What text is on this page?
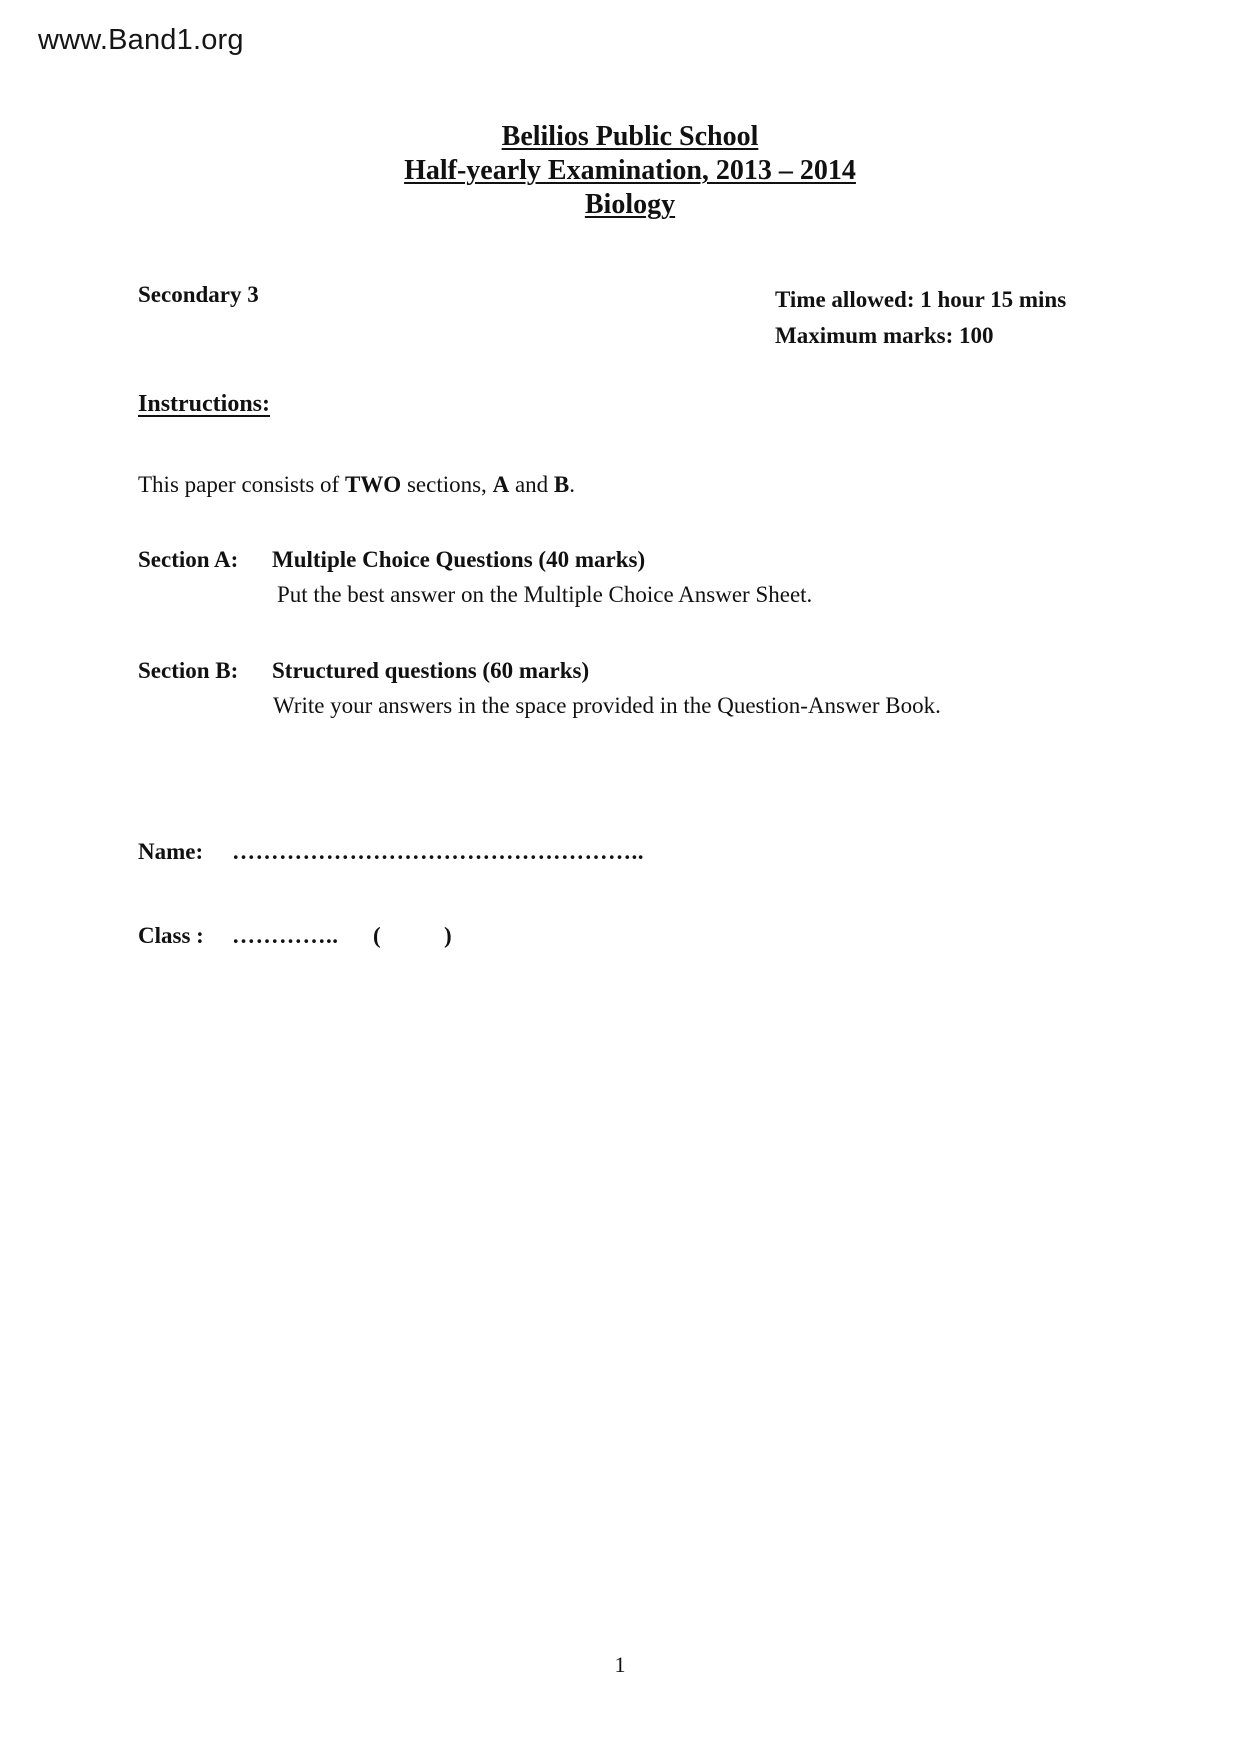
www.Band1.org
Belilios Public School
Half-yearly Examination, 2013 – 2014
Biology
Secondary 3	Time allowed: 1 hour 15 mins
Maximum marks: 100
Instructions:
This paper consists of TWO sections, A and B.
Section A: Multiple Choice Questions (40 marks)
Put the best answer on the Multiple Choice Answer Sheet.
Section B: Structured questions (60 marks)
Write your answers in the space provided in the Question-Answer Book.
Name: ……………………………………………..
Class : ………….. (	)
1
